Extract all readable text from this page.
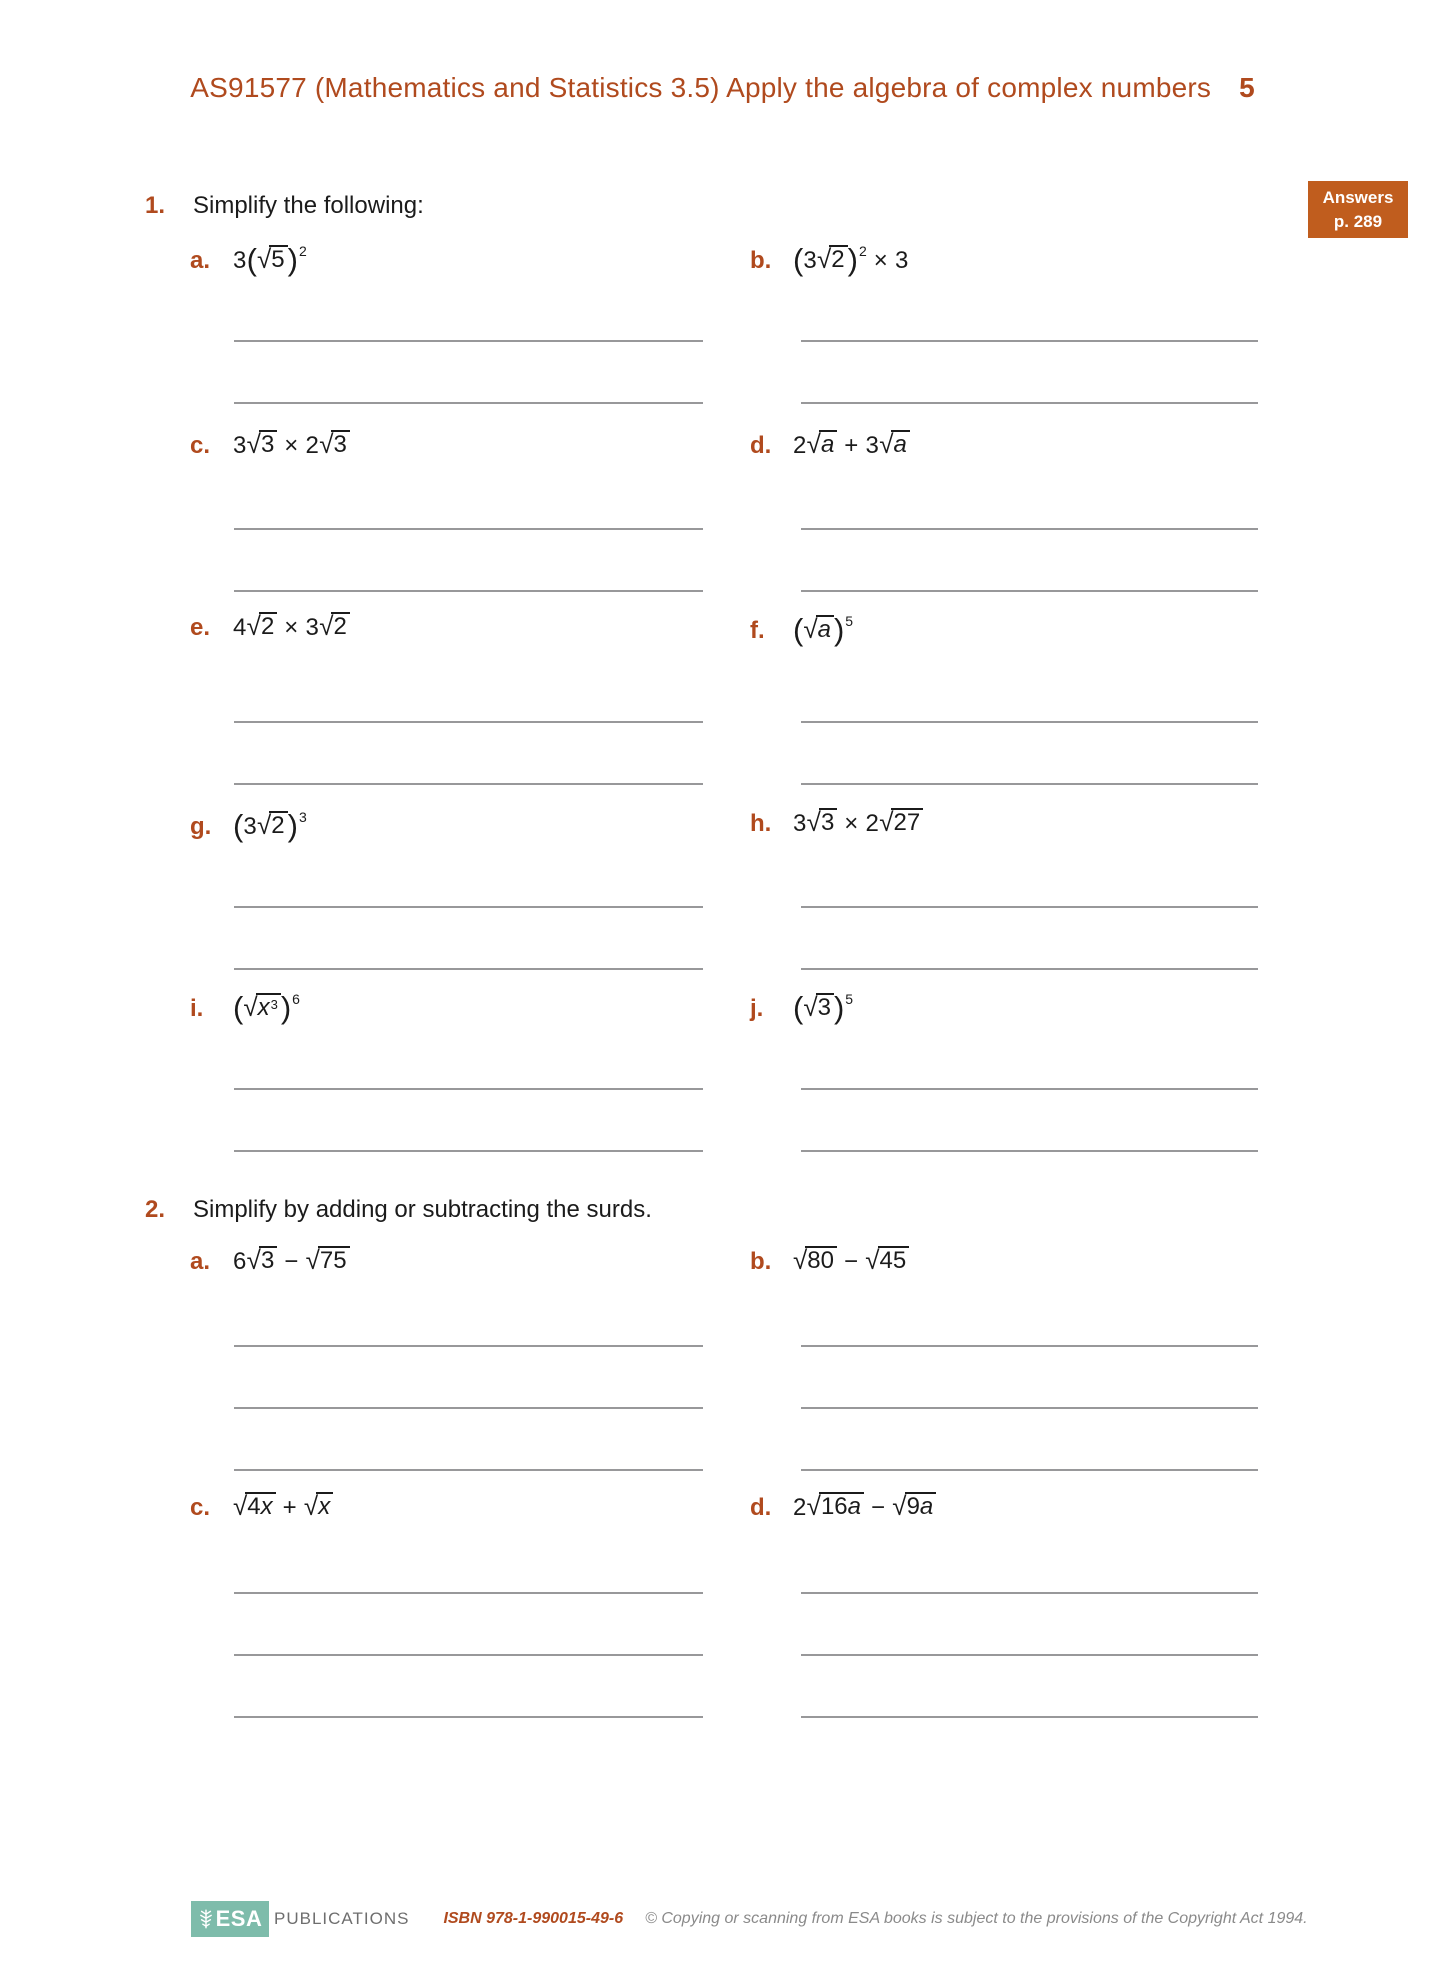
AS91577 (Mathematics and Statistics 3.5) Apply the algebra of complex numbers 5
Answers
p. 289
1. Simplify the following:
a. 3( √ 5 )2	b. (3 √ 2 )2 × 3
c. 3 √ 3 × 2 √ 3	d. 2 √ a + 3 √ a
e. 4 √ 2 × 3 √ 2	f. ( √ a )5
g. (3 √ 2 )3	h. 3 √ 3 × 2 √ 27
i. ( √ $x^3$ )6	j. ( √ 3 )5
2. Simplify by adding or subtracting the surds.
a. 6 √ 3 − √ 75	b. √ 80 − √ 45
c. √ 4x + √ x	d. 2 √ 16a − √ 9a
ESA PUBLICATIONS ISBN 978-1-990015-49-6 © Copying or scanning from ESA books is subject to the provisions of the Copyright Act 1994.
